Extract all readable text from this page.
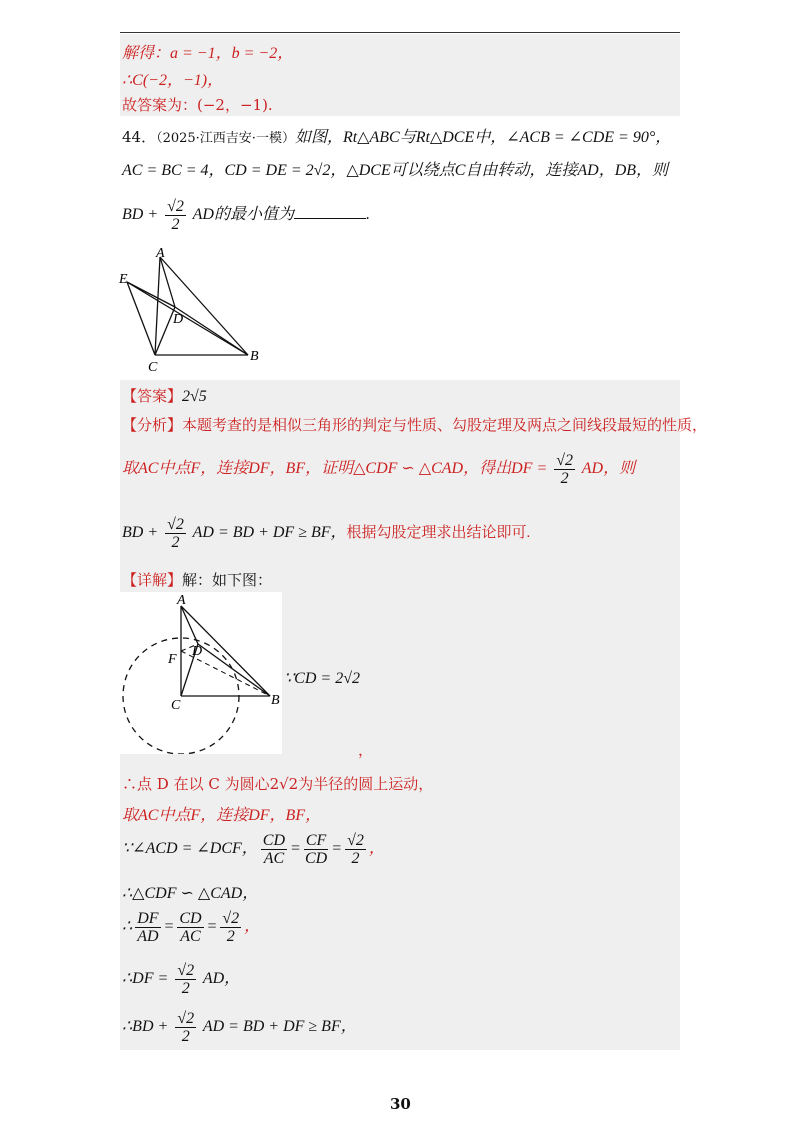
解得：a = −1，b = −2，
∴C(−2，−1)，
故答案为：(−2，−1).
44．（2025·江西吉安·一模）如图，Rt△ABC与Rt△DCE中，∠ACB = ∠CDE = 90°，
AC = BC = 4，CD = DE = 2√2，△DCE可以绕点C自由转动，连接AD，DB，则
BD + $\frac{√2}{2}$ AD的最小值为	.
A
E
D
C
B
【答案】2√5
【分析】本题考查的是相似三角形的判定与性质、勾股定理及两点之间线段最短的性质，
取AC中点F，连接DF，BF，证明△CDF ∽ △CAD，得出DF = $\frac{√2}{2}$ AD，则
BD + $\frac{√2}{2}$ AD = BD + DF ≥ BF，根据勾股定理求出结论即可.
【详解】解：如下图：
A
F
D
C	B
∵CD = 2√2
，
∴点 D 在以 C 为圆心2√2为半径的圆上运动，
取AC中点F，连接DF，BF，
∵∠ACD = ∠DCF， $\frac{CD}{AC} = \frac{CF}{CD} = \frac{√2}{2}$ ，
∴△CDF ∽ △CAD，
∴ $\frac{DF}{AD} = \frac{CD}{AC} = \frac{√2}{2}$ ，
∴DF = $\frac{√2}{2}$ AD，
∴BD + $\frac{√2}{2}$ AD = BD + DF ≥ BF，
30
